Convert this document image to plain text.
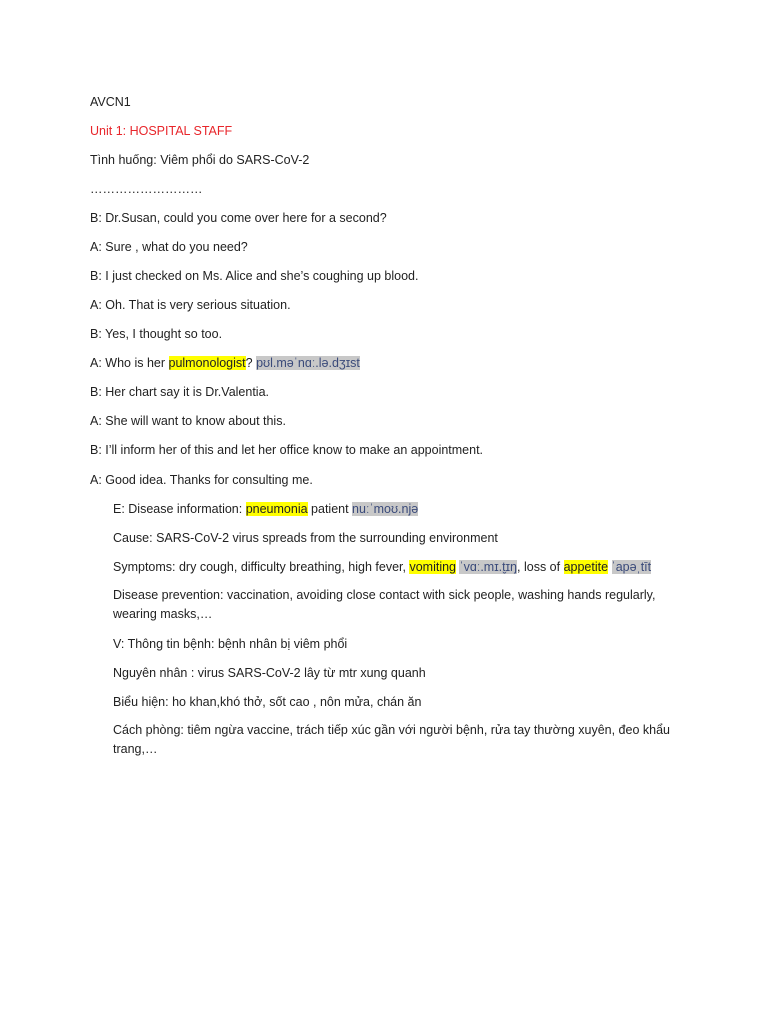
AVCN1
Unit 1: HOSPITAL STAFF
Tình huống: Viêm phổi do SARS-CoV-2
………………………
B: Dr.Susan, could you come over here for a second?
A: Sure , what do you need?
B: I just checked on Ms. Alice and she’s coughing up blood.
A: Oh. That is very serious situation.
B: Yes, I thought so too.
A: Who is her pulmonologist? pʊl.məˈnɑː.lə.dʒɪst
B: Her chart say it is Dr.Valentia.
A: She will want to know about this.
B: I’ll inform her of this and let her office know to make an appointment.
A: Good idea. Thanks for consulting me.
E: Disease information: pneumonia patient nuːˈmoʊ.njə
Cause: SARS-CoV-2 virus spreads from the surrounding environment
Symptoms: dry cough, difficulty breathing, high fever, vomiting ˈvɑː.mɪ.t̬ɪŋ, loss of appetite ˈapəˌtīt
Disease prevention: vaccination, avoiding close contact with sick people, washing hands regularly, wearing masks,…
V: Thông tin bệnh: bệnh nhân bị viêm phổi
Nguyên nhân : virus SARS-CoV-2 lây từ mtr xung quanh
Biểu hiện: ho khan,khó thở, sốt cao , nôn mửa, chán ăn
Cách phòng: tiêm ngừa vaccine, trách tiếp xúc gần với người bệnh, rửa tay thường xuyên, đeo khẩu trang,…
